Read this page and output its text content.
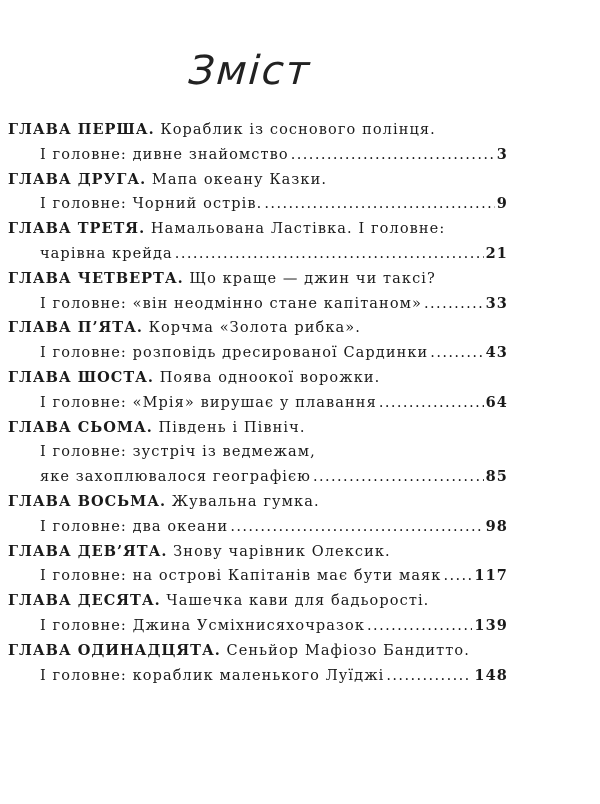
Зміст
ГЛАВА ПЕРША. Кораблик із соснового полінця.
І головне: дивне знайомство . . .	3
ГЛАВА ДРУГА. Мапа океану Казки.
І головне: Чорний острів. . . .	9
ГЛАВА ТРЕТЯ. Намальована Ластівка. І головне:
чарівна крейда . . .	21
ГЛАВА ЧЕТВЕРТА. Що краще — джин чи таксі?
І головне: «він неодмінно стане капітаном» . . .	33
ГЛАВА П’ЯТА. Корчма «Золота рибка».
І головне: розповідь дресированої Сардинки . . .	43
ГЛАВА ШОСТА. Поява одноокої ворожки.
І головне: «Мрія» вирушає у плавання . . .	64
ГЛАВА СЬОМА. Південь і Північ.
І головне: зустріч із ведмежам,
яке захоплювалося географією . . .	85
ГЛАВА ВОСЬМА. Жувальна гумка.
І головне: два океани . . .	98
ГЛАВА ДЕВ’ЯТА. Знову чарівник Олексик.
І головне: на острові Капітанів має бути маяк . . . 117
ГЛАВА ДЕСЯТА. Чашечка кави для бадьорості.
І головне: Джина Усміхнисяхочразок . . .	139
ГЛАВА ОДИНАДЦЯТА. Сеньйор Мафіозо Бандитто.
І головне: кораблик маленького Луїджі . . .	148
